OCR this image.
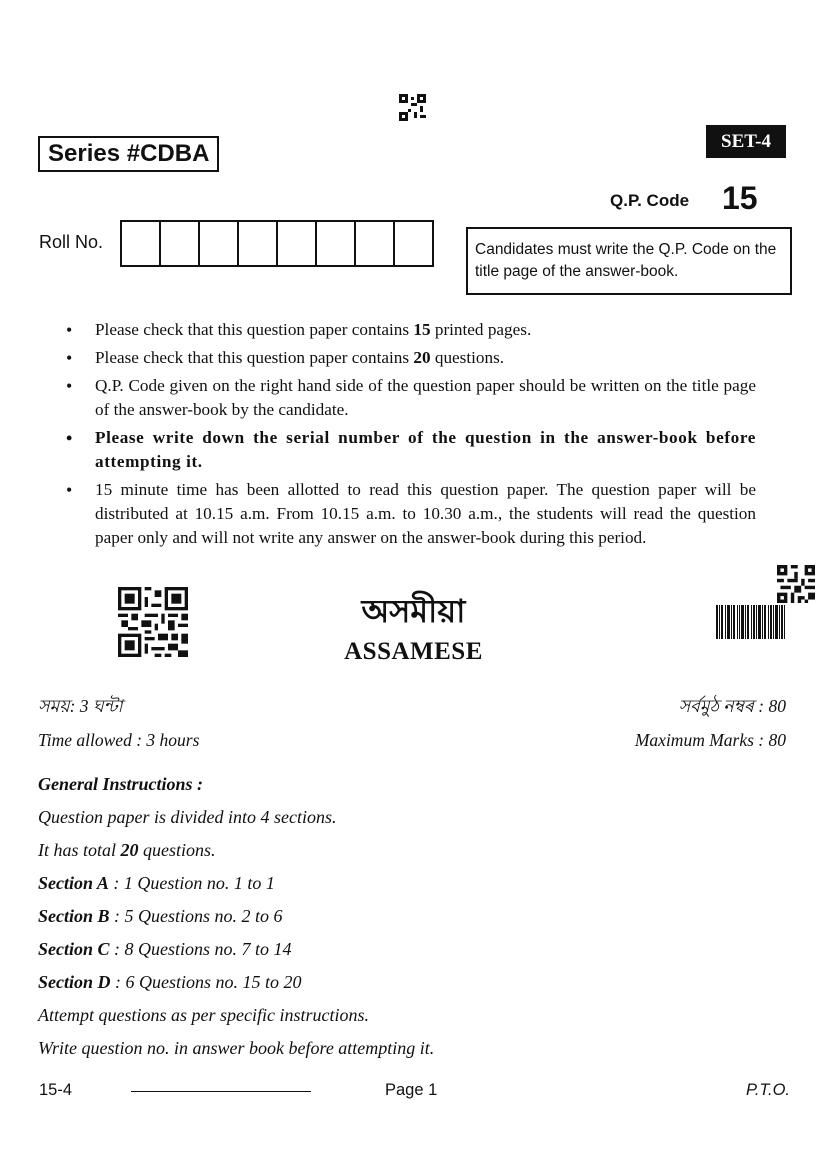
Series #CDBA	SET-4
Q.P. Code 15
Roll No.	Candidates must write the Q.P. Code on the title page of the answer-book.
• Please check that this question paper contains 15 printed pages.
• Please check that this question paper contains 20 questions.
• Q.P. Code given on the right hand side of the question paper should be written on the title page of the answer-book by the candidate.
• Please write down the serial number of the question in the answer-book before attempting it.
• 15 minute time has been allotted to read this question paper. The question paper will be distributed at 10.15 a.m. From 10.15 a.m. to 10.30 a.m., the students will read the question paper only and will not write any answer on the answer-book during this period.
অসমীয়া
ASSAMESE
সময়: 3 ঘন্টা	সৰ্বমুঠ নম্বৰ : 80
Time allowed : 3 hours	Maximum Marks : 80
General Instructions :
Question paper is divided into 4 sections.
It has total 20 questions.
Section A : 1 Question no. 1 to 1
Section B : 5 Questions no. 2 to 6
Section C : 8 Questions no. 7 to 14
Section D : 6 Questions no. 15 to 20
Attempt questions as per specific instructions.
Write question no. in answer book before attempting it.
15-4	Page 1	P.T.O.
